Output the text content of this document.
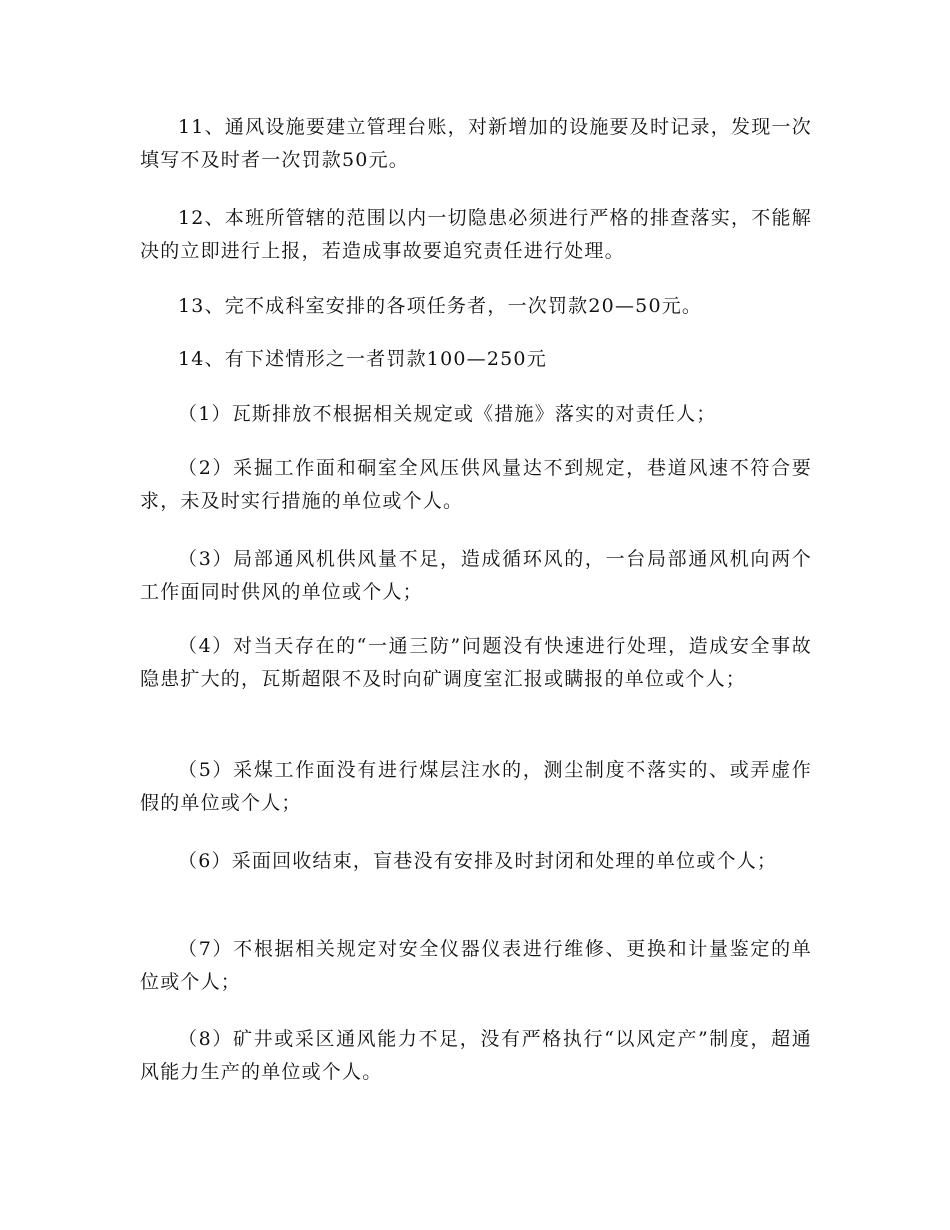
11、通风设施要建立管理台账，对新增加的设施要及时记录，发现一次填写不及时者一次罚款50元。

12、本班所管辖的范围以内一切隐患必须进行严格的排查落实，不能解决的立即进行上报，若造成事故要追究责任进行处理。

13、完不成科室安排的各项任务者，一次罚款20—50元。

14、有下述情形之一者罚款100—250元

（1）瓦斯排放不根据相关规定或《措施》落实的对责任人；

（2）采掘工作面和硐室全风压供风量达不到规定，巷道风速不符合要求，未及时实行措施的单位或个人。

（3）局部通风机供风量不足，造成循环风的，一台局部通风机向两个工作面同时供风的单位或个人；

（4）对当天存在的“一通三防”问题没有快速进行处理，造成安全事故隐患扩大的，瓦斯超限不及时向矿调度室汇报或瞒报的单位或个人；

（5）采煤工作面没有进行煤层注水的，测尘制度不落实的、或弄虚作假的单位或个人；

（6）采面回收结束，盲巷没有安排及时封闭和处理的单位或个人；

（7）不根据相关规定对安全仪器仪表进行维修、更换和计量鉴定的单位或个人；

（8）矿井或采区通风能力不足，没有严格执行“以风定产”制度，超通风能力生产的单位或个人。
